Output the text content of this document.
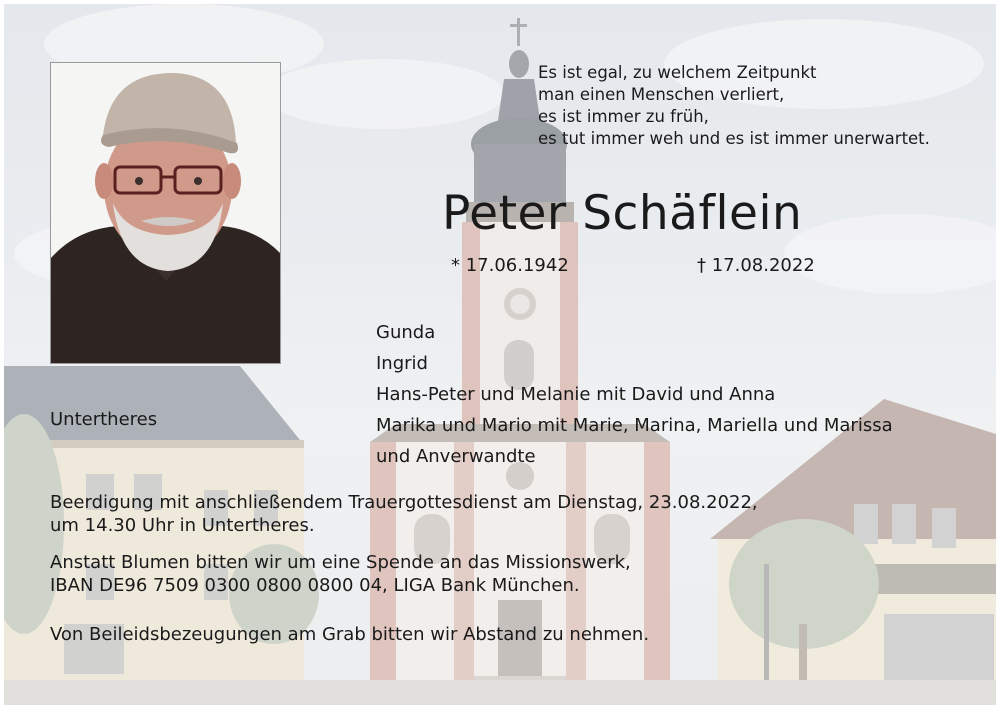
Es ist egal, zu welchem Zeitpunkt
man einen Menschen verliert,
es ist immer zu früh,
es tut immer weh und es ist immer unerwartet.
Peter Schäflein
* 17.06.1942	† 17.08.2022
Gunda
Ingrid
Hans-Peter und Melanie mit David und Anna
Marika und Mario mit Marie, Marina, Mariella und Marissa
und Anverwandte
Untertheres
Beerdigung mit anschließendem Trauergottesdienst am Dienstag, 23.08.2022,
um 14.30 Uhr in Untertheres.
Anstatt Blumen bitten wir um eine Spende an das Missionswerk,
IBAN DE96 7509 0300 0800 0800 04, LIGA Bank München.
Von Beileidsbezeugungen am Grab bitten wir Abstand zu nehmen.
